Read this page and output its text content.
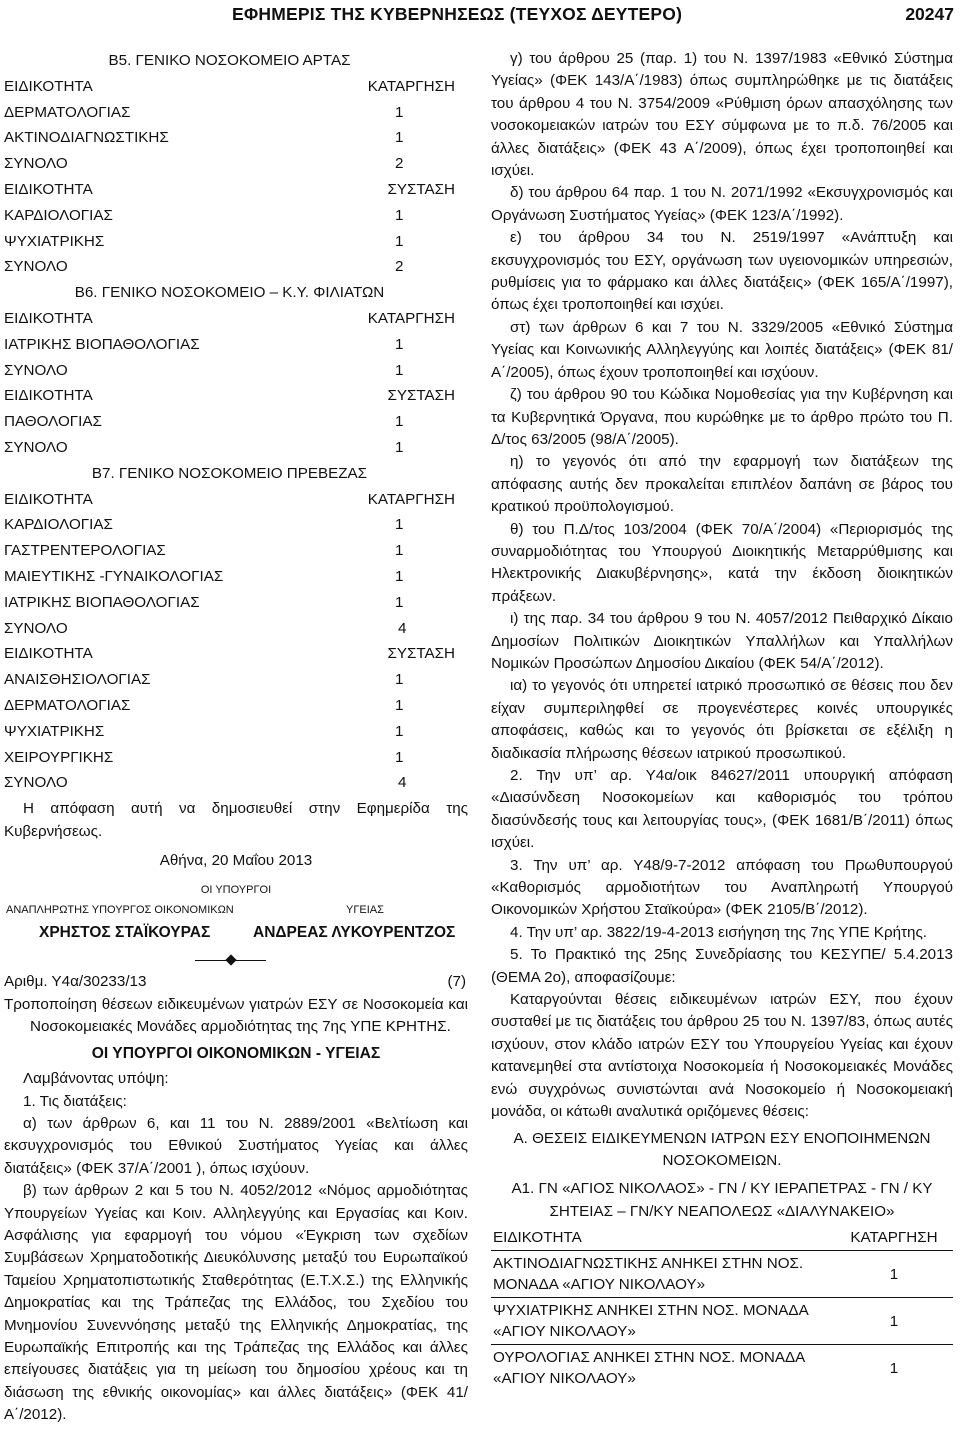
ΕΦΗΜΕΡΙΣ ΤΗΣ ΚΥΒΕΡΝΗΣΕΩΣ (ΤΕΥΧΟΣ ΔΕΥΤΕΡΟ)	20247
Β5. ΓΕΝΙΚΟ ΝΟΣΟΚΟΜΕΙΟ ΑΡΤΑΣ
ΕΙΔΙΚΟΤΗΤΑ	ΚΑΤΑΡΓΗΣΗ
ΔΕΡΜΑΤΟΛΟΓΙΑΣ	1
ΑΚΤΙΝΟΔΙΑΓΝΩΣΤΙΚΗΣ	1
ΣΥΝΟΛΟ	2
ΕΙΔΙΚΟΤΗΤΑ	ΣΥΣΤΑΣΗ
ΚΑΡΔΙΟΛΟΓΙΑΣ	1
ΨΥΧΙΑΤΡΙΚΗΣ	1
ΣΥΝΟΛΟ	2
Β6. ΓΕΝΙΚΟ ΝΟΣΟΚΟΜΕΙΟ – Κ.Υ. ΦΙΛΙΑΤΩΝ
ΕΙΔΙΚΟΤΗΤΑ	ΚΑΤΑΡΓΗΣΗ
ΙΑΤΡΙΚΗΣ ΒΙΟΠΑΘΟΛΟΓΙΑΣ	1
ΣΥΝΟΛΟ	1
ΕΙΔΙΚΟΤΗΤΑ	ΣΥΣΤΑΣΗ
ΠΑΘΟΛΟΓΙΑΣ	1
ΣΥΝΟΛΟ	1
Β7. ΓΕΝΙΚΟ ΝΟΣΟΚΟΜΕΙΟ ΠΡΕΒΕΖΑΣ
ΕΙΔΙΚΟΤΗΤΑ	ΚΑΤΑΡΓΗΣΗ
ΚΑΡΔΙΟΛΟΓΙΑΣ	1
ΓΑΣΤΡΕΝΤΕΡΟΛΟΓΙΑΣ	1
ΜΑΙΕΥΤΙΚΗΣ -ΓΥΝΑΙΚΟΛΟΓΙΑΣ	1
ΙΑΤΡΙΚΗΣ ΒΙΟΠΑΘΟΛΟΓΙΑΣ	1
ΣΥΝΟΛΟ	4
ΕΙΔΙΚΟΤΗΤΑ	ΣΥΣΤΑΣΗ
ΑΝΑΙΣΘΗΣΙΟΛΟΓΙΑΣ	1
ΔΕΡΜΑΤΟΛΟΓΙΑΣ	1
ΨΥΧΙΑΤΡΙΚΗΣ	1
ΧΕΙΡΟΥΡΓΙΚΗΣ	1
ΣΥΝΟΛΟ	4

Η απόφαση αυτή να δημοσιευθεί στην Εφημερίδα της Κυβερνήσεως.

Αθήνα, 20 Μαΐου 2013
ΟΙ ΥΠΟΥΡΓΟΙ
ΑΝΑΠΛΗΡΩΤΗΣ ΥΠΟΥΡΓΟΣ ΟΙΚΟΝΟΜΙΚΩΝ	ΥΓΕΙΑΣ
ΧΡΗΣΤΟΣ ΣΤΑΪΚΟΥΡΑΣ	ΑΝΔΡΕΑΣ ΛΥΚΟΥΡΕΝΤΖΟΣ
Αριθμ. Υ4α/30233/13	(7)

Τροποποίηση θέσεων ειδικευμένων γιατρών ΕΣΥ σε Νοσοκομεία και Νοσοκομειακές Μονάδες αρμοδιότητας της 7ης ΥΠΕ ΚΡΗΤΗΣ.

ΟΙ ΥΠΟΥΡΓΟΙ ΟΙΚΟΝΟΜΙΚΩΝ - ΥΓΕΙΑΣ

Λαμβάνοντας υπόψη:

1. Τις διατάξεις:

α) των άρθρων 6, και 11 του Ν. 2889/2001 «Βελτίωση και εκσυγχρονισμός του Εθνικού Συστήματος Υγείας και άλλες διατάξεις» (ΦΕΚ 37/Α΄/2001 ), όπως ισχύουν.

β) των άρθρων 2 και 5 του Ν. 4052/2012 «Νόμος αρμοδιότητας Υπουργείων Υγείας και Κοιν. Αλληλεγγύης και Εργασίας και Κοιν. Ασφάλισης για εφαρμογή του νόμου «Έγκριση των σχεδίων Συμβάσεων Χρηματοδοτικής Διευκόλυνσης μεταξύ του Ευρωπαϊκού Ταμείου Χρηματοπιστωτικής Σταθερότητας (Ε.Τ.Χ.Σ.) της Ελληνικής Δημοκρατίας και της Τράπεζας της Ελλάδος, του Σχεδίου του Μνημονίου Συνεννόησης μεταξύ της Ελληνικής Δημοκρατίας, της Ευρωπαϊκής Επιτροπής και της Τράπεζας της Ελλάδος και άλλες επείγουσες διατάξεις για τη μείωση του δημοσίου χρέους και τη διάσωση της εθνικής οικονομίας» και άλλες διατάξεις» (ΦΕΚ 41/Α΄/2012).

γ) του άρθρου 25 (παρ. 1) του Ν. 1397/1983 «Εθνικό Σύστημα Υγείας» (ΦΕΚ 143/Α΄/1983) όπως συμπληρώθηκε με τις διατάξεις του άρθρου 4 του Ν. 3754/2009 «Ρύθμιση όρων απασχόλησης των νοσοκομειακών ιατρών του ΕΣΥ σύμφωνα με το π.δ. 76/2005 και άλλες διατάξεις» (ΦΕΚ 43 Α΄/2009), όπως έχει τροποποιηθεί και ισχύει.

δ) του άρθρου 64 παρ. 1 του Ν. 2071/1992 «Εκσυγχρονισμός και Οργάνωση Συστήματος Υγείας» (ΦΕΚ 123/Α΄/1992).

ε) του άρθρου 34 του Ν. 2519/1997 «Ανάπτυξη και εκσυγχρονισμός του ΕΣΥ, οργάνωση των υγειονομικών υπηρεσιών, ρυθμίσεις για το φάρμακο και άλλες διατάξεις» (ΦΕΚ 165/Α΄/1997), όπως έχει τροποποιηθεί και ισχύει.

στ) των άρθρων 6 και 7 του Ν. 3329/2005 «Εθνικό Σύστημα Υγείας και Κοινωνικής Αλληλεγγύης και λοιπές διατάξεις» (ΦΕΚ 81/ Α΄/2005), όπως έχουν τροποποιηθεί και ισχύουν.

ζ) του άρθρου 90 του Κώδικα Νομοθεσίας για την Κυβέρνηση και τα Κυβερνητικά Όργανα, που κυρώθηκε με το άρθρο πρώτο του Π. Δ/τος 63/2005 (98/Α΄/2005).

η) το γεγονός ότι από την εφαρμογή των διατάξεων της απόφασης αυτής δεν προκαλείται επιπλέον δαπάνη σε βάρος του κρατικού προϋπολογισμού.

θ) του Π.Δ/τος 103/2004 (ΦΕΚ 70/Α΄/2004) «Περιορισμός της συναρμοδιότητας του Υπουργού Διοικητικής Μεταρρύθμισης και Ηλεκτρονικής Διακυβέρνησης», κατά την έκδοση διοικητικών πράξεων.

ι) της παρ. 34 του άρθρου 9 του Ν. 4057/2012 Πειθαρχικό Δίκαιο Δημοσίων Πολιτικών Διοικητικών Υπαλλήλων και Υπαλλήλων Νομικών Προσώπων Δημοσίου Δικαίου (ΦΕΚ 54/Α΄/2012).

ια) το γεγονός ότι υπηρετεί ιατρικό προσωπικό σε θέσεις που δεν είχαν συμπεριληφθεί σε προγενέστερες κοινές υπουργικές αποφάσεις, καθώς και το γεγονός ότι βρίσκεται σε εξέλιξη η διαδικασία πλήρωσης θέσεων ιατρικού προσωπικού.

2. Την υπ’ αρ. Υ4α/οικ 84627/2011 υπουργική απόφαση «Διασύνδεση Νοσοκομείων και καθορισμός του τρόπου διασύνδεσής τους και λειτουργίας τους», (ΦΕΚ 1681/Β΄/2011) όπως ισχύει.

3. Την υπ’ αρ. Υ48/9-7-2012 απόφαση του Πρωθυπουργού «Καθορισμός αρμοδιοτήτων του Αναπληρωτή Υπουργού Οικονομικών Χρήστου Σταϊκούρα» (ΦΕΚ 2105/Β΄/2012).

4. Την υπ’ αρ. 3822/19-4-2013 εισήγηση της 7ης ΥΠΕ Κρήτης.

5. Το Πρακτικό της 25ης Συνεδρίασης του ΚΕΣΥΠΕ/ 5.4.2013 (ΘΕΜΑ 2ο), αποφασίζουμε:

Καταργούνται θέσεις ειδικευμένων ιατρών ΕΣΥ, που έχουν συσταθεί με τις διατάξεις του άρθρου 25 του Ν. 1397/83, όπως αυτές ισχύουν, στον κλάδο ιατρών ΕΣΥ του Υπουργείου Υγείας και έχουν κατανεμηθεί στα αντίστοιχα Νοσοκομεία ή Νοσοκομειακές Μονάδες ενώ συγχρόνως συνιστώνται ανά Νοσοκομείο ή Νοσοκομειακή μονάδα, οι κάτωθι αναλυτικά οριζόμενες θέσεις:

Α. ΘΕΣΕΙΣ ΕΙΔΙΚΕΥΜΕΝΩΝ ΙΑΤΡΩΝ ΕΣΥ ΕΝΟΠΟΙΗΜΕΝΩΝ ΝΟΣΟΚΟΜΕΙΩΝ.

Α1. ΓΝ «ΑΓΙΟΣ ΝΙΚΟΛΑΟΣ» - ΓΝ / ΚΥ ΙΕΡΑΠΕΤΡΑΣ - ΓΝ / ΚΥ ΣΗΤΕΙΑΣ – ΓΝ/ΚΥ ΝΕΑΠΟΛΕΩΣ «ΔΙΑΛΥΝΑΚΕΙΟ»

ΕΙΔΙΚΟΤΗΤΑ	ΚΑΤΑΡΓΗΣΗ
ΑΚΤΙΝΟΔΙΑΓΝΩΣΤΙΚΗΣ ΑΝΗΚΕΙ ΣΤΗΝ ΝΟΣ. ΜΟΝΑΔΑ «ΑΓΙΟΥ ΝΙΚΟΛΑΟΥ»	1
ΨΥΧΙΑΤΡΙΚΗΣ ΑΝΗΚΕΙ ΣΤΗΝ ΝΟΣ. ΜΟΝΑΔΑ «ΑΓΙΟΥ ΝΙΚΟΛΑΟΥ»	1
ΟΥΡΟΛΟΓΙΑΣ ΑΝΗΚΕΙ ΣΤΗΝ ΝΟΣ. ΜΟΝΑΔΑ «ΑΓΙΟΥ ΝΙΚΟΛΑΟΥ»	1
